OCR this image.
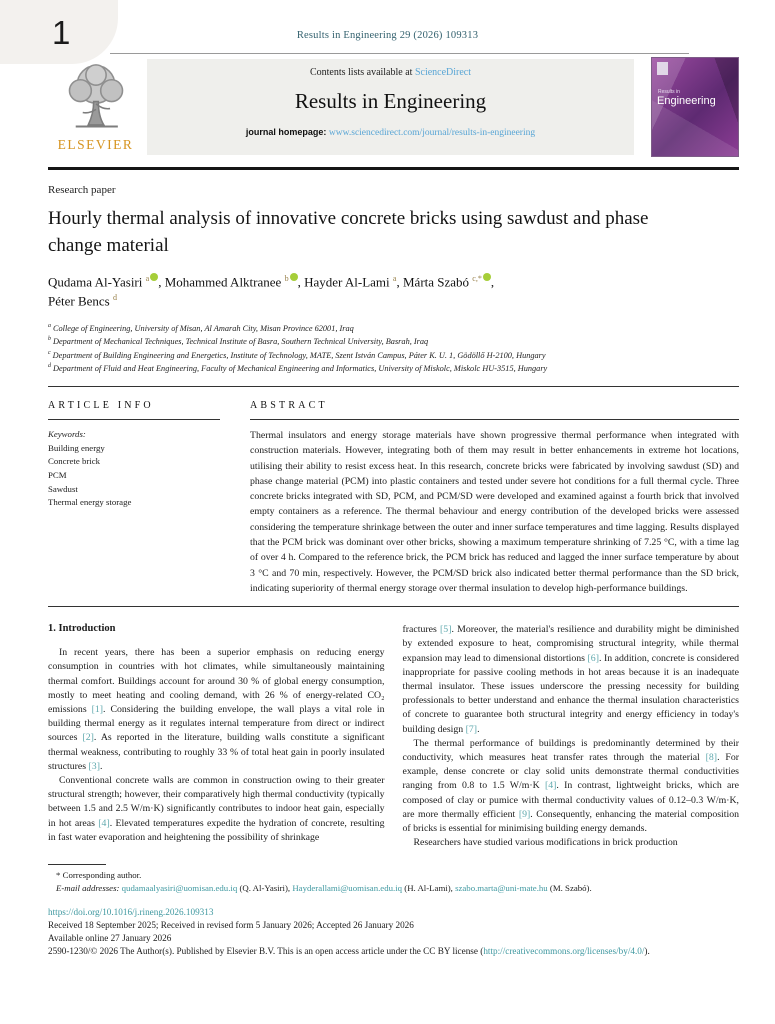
1	Results in Engineering 29 (2026) 109313
ELSEVIER
Contents lists available at ScienceDirect
Results in Engineering
journal homepage: www.sciencedirect.com/journal/results-in-engineering
Results in
Engineering
Research paper
Hourly thermal analysis of innovative concrete bricks using sawdust and phase change material
Qudama Al-Yasiri $^a$ , Mohammed Alktranee $^b$ , Hayder Al-Lami $^a$, Márta Szabó $^{c,*}$ ,
Péter Bencs $^d$
$^a$ College of Engineering, University of Misan, Al Amarah City, Misan Province 62001, Iraq
$^b$ Department of Mechanical Techniques, Technical Institute of Basra, Southern Technical University, Basrah, Iraq
$^c$ Department of Building Engineering and Energetics, Institute of Technology, MATE, Szent István Campus, Páter K. U. 1, Gödöllő H-2100, Hungary
$^d$ Department of Fluid and Heat Engineering, Faculty of Mechanical Engineering and Informatics, University of Miskolc, Miskolc HU-3515, Hungary
ARTICLE INFO
Keywords:
Building energy
Concrete brick
PCM
Sawdust
Thermal energy storage
ABSTRACT

Thermal insulators and energy storage materials have shown progressive thermal performance when integrated with construction materials. However, integrating both of them may result in better enhancements in extreme hot locations, utilising their ability to resist excess heat. In this research, concrete bricks were fabricated by involving sawdust (SD) and phase change material (PCM) into plastic containers and tested under severe hot conditions for a full thermal cycle. Three concrete bricks integrated with SD, PCM, and PCM/SD were developed and examined against a fourth brick that involved empty containers as a reference. The thermal behaviour and energy contribution of the developed bricks were assessed considering the temperature shrinkage between the outer and inner surface temperatures and time lagging. Results displayed that the PCM brick was dominant over other bricks, showing a maximum temperature shrinking of 7.25 °C, with a time lag of over 4 h. Compared to the reference brick, the PCM brick has reduced and lagged the inner surface temperature by about 3 °C and 70 min, respectively. However, the PCM/SD brick also indicated better thermal performance than the SD brick, indicating superiority of thermal energy storage over thermal insulation to develop high-performance buildings.

1. Introduction

In recent years, there has been a superior emphasis on reducing energy consumption in countries with hot climates, while simultaneously maintaining thermal comfort. Buildings account for around 30 % of global energy consumption, mostly to meet heating and cooling demand, with 26 % of energy-related CO₂ emissions [1]. Considering the building envelope, the wall plays a vital role in building thermal energy as it regulates internal temperature from direct or indirect sources [2]. As reported in the literature, building walls constitute a significant thermal weakness, contributing to roughly 33 % of total heat gain in poorly insulated structures [3].

Conventional concrete walls are common in construction owing to their greater structural strength; however, their comparatively high thermal conductivity (typically between 1.5 and 2.5 W/m·K) significantly contributes to indoor heat gain, especially in hot areas [4]. Elevated temperatures expedite the hydration of concrete, resulting in fast water evaporation and heightening the possibility of shrinkage

fractures [5]. Moreover, the material's resilience and durability might be diminished by extended exposure to heat, compromising structural integrity, while thermal expansion may lead to dimensional distortions [6]. In addition, concrete is considered inappropriate for passive cooling methods in hot areas because it is an inadequate thermal insulator. These issues underscore the pressing necessity for building professionals to better understand and enhance the thermal insulation characteristics of concrete to guarantee both structural integrity and energy efficiency in today's building design [7].

The thermal performance of buildings is predominantly determined by their conductivity, which measures heat transfer rates through the material [8]. For example, dense concrete or clay solid units demonstrate thermal conductivities ranging from 0.8 to 1.5 W/m·K [4]. In contrast, lightweight bricks, which are composed of clay or pumice with thermal conductivity values of 0.12–0.3 W/m·K, are more thermally efficient [9]. Consequently, enhancing the material composition of bricks is essential for minimising building energy demands.

Researchers have studied various modifications in brick production

* Corresponding author.
E-mail addresses: qudamaalyasiri@uomisan.edu.iq (Q. Al-Yasiri), Hayderallami@uomisan.edu.iq (H. Al-Lami), szabo.marta@uni-mate.hu (M. Szabó).
https://doi.org/10.1016/j.rineng.2026.109313
Received 18 September 2025; Received in revised form 5 January 2026; Accepted 26 January 2026
Available online 27 January 2026
2590-1230/© 2026 The Author(s). Published by Elsevier B.V. This is an open access article under the CC BY license (http://creativecommons.org/licenses/by/4.0/).
